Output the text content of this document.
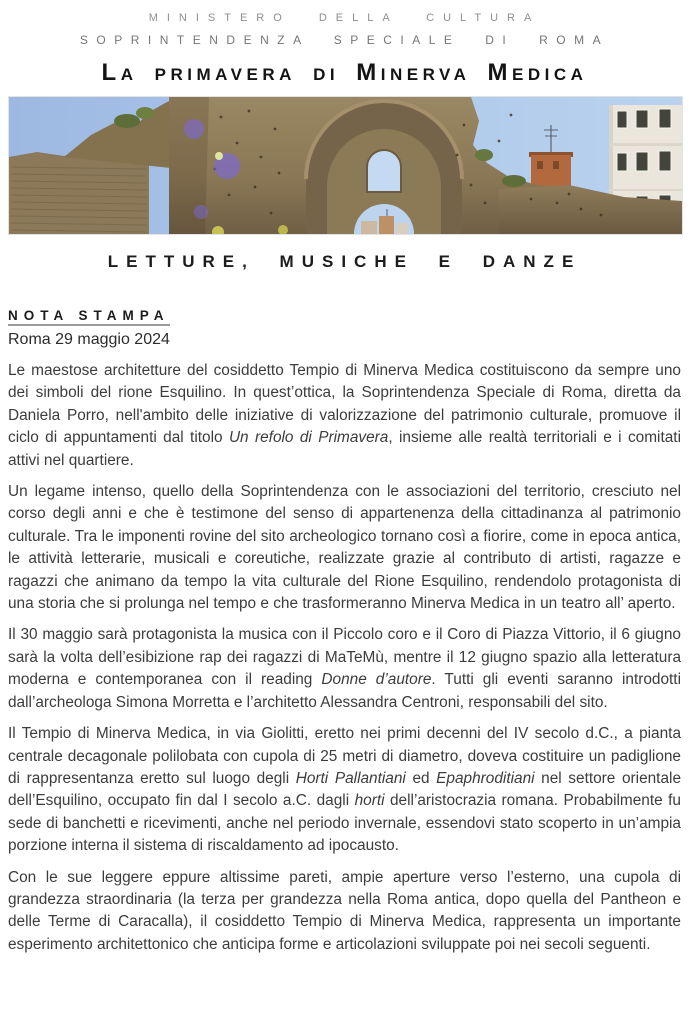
MINISTERO DELLA CULTURA
SOPRINTENDENZA SPECIALE DI ROMA
La primavera di Minerva Medica
LETTURE, MUSICHE E DANZE
NOTA STAMPA
Roma 29 maggio 2024

Le maestose architetture del cosiddetto Tempio di Minerva Medica costituiscono da sempre uno dei simboli del rione Esquilino. In quest’ottica, la Soprintendenza Speciale di Roma, diretta da Daniela Porro, nell'ambito delle iniziative di valorizzazione del patrimonio culturale, promuove il ciclo di appuntamenti dal titolo Un refolo di Primavera, insieme alle realtà territoriali e i comitati attivi nel quartiere.

Un legame intenso, quello della Soprintendenza con le associazioni del territorio, cresciuto nel corso degli anni e che è testimone del senso di appartenenza della cittadinanza al patrimonio culturale. Tra le imponenti rovine del sito archeologico tornano così a fiorire, come in epoca antica, le attività letterarie, musicali e coreutiche, realizzate grazie al contributo di artisti, ragazze e ragazzi che animano da tempo la vita culturale del Rione Esquilino, rendendolo protagonista di una storia che si prolunga nel tempo e che trasformeranno Minerva Medica in un teatro all’ aperto.

Il 30 maggio sarà protagonista la musica con il Piccolo coro e il Coro di Piazza Vittorio, il 6 giugno sarà la volta dell’esibizione rap dei ragazzi di MaTeMù, mentre il 12 giugno spazio alla letteratura moderna e contemporanea con il reading Donne d’autore. Tutti gli eventi saranno introdotti dall’archeologa Simona Morretta e l’architetto Alessandra Centroni, responsabili del sito.

Il Tempio di Minerva Medica, in via Giolitti, eretto nei primi decenni del IV secolo d.C., a pianta centrale decagonale polilobata con cupola di 25 metri di diametro, doveva costituire un padiglione di rappresentanza eretto sul luogo degli Horti Pallantiani ed Epaphroditiani nel settore orientale dell’Esquilino, occupato fin dal I secolo a.C. dagli horti dell’aristocrazia romana. Probabilmente fu sede di banchetti e ricevimenti, anche nel periodo invernale, essendovi stato scoperto in un’ampia porzione interna il sistema di riscaldamento ad ipocausto.

Con le sue leggere eppure altissime pareti, ampie aperture verso l’esterno, una cupola di grandezza straordinaria (la terza per grandezza nella Roma antica, dopo quella del Pantheon e delle Terme di Caracalla), il cosiddetto Tempio di Minerva Medica, rappresenta un importante esperimento architettonico che anticipa forme e articolazioni sviluppate poi nei secoli seguenti.
